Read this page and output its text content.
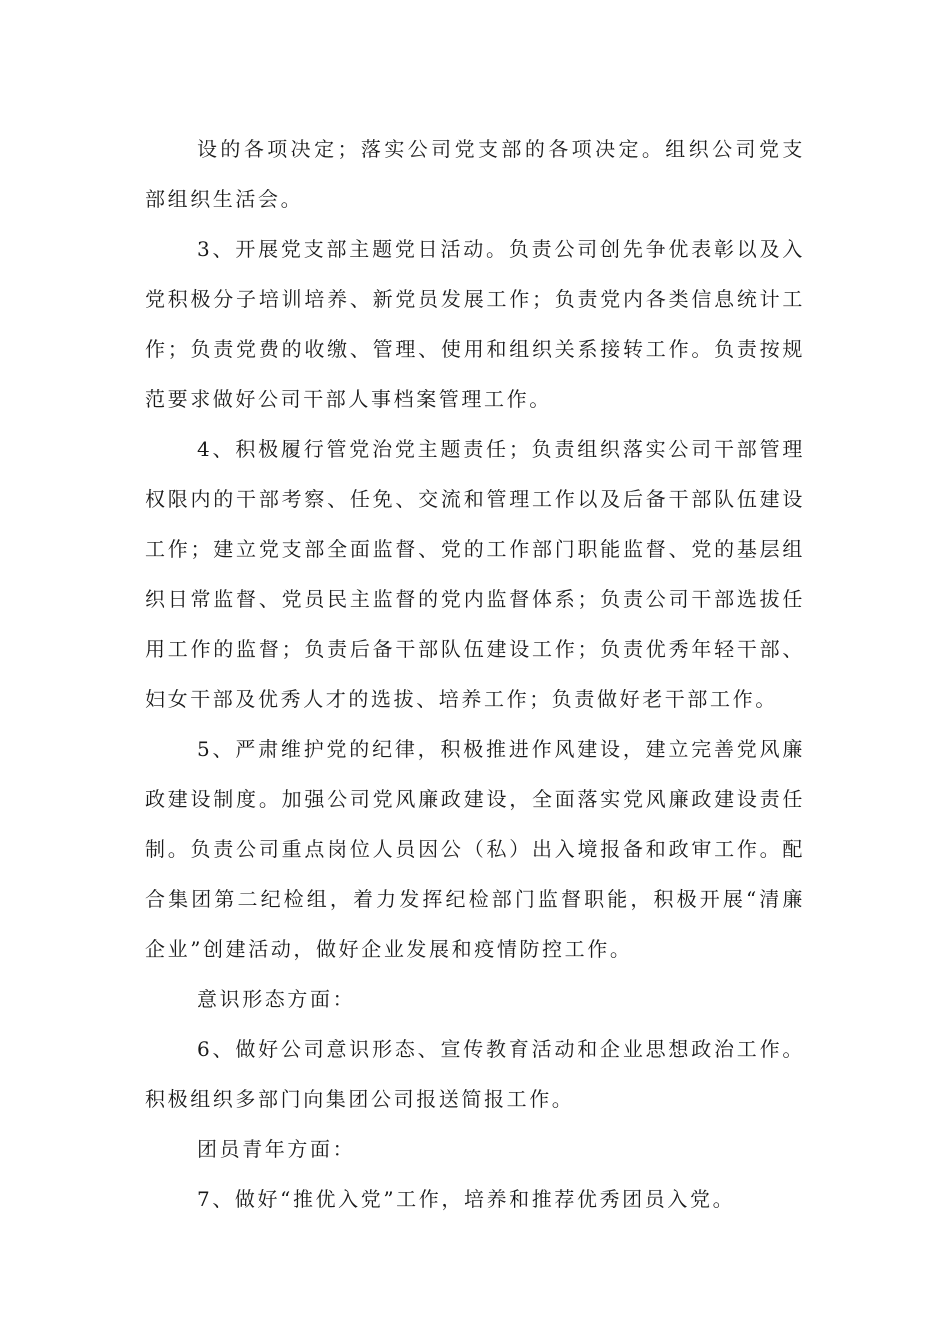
设的各项决定；落实公司党支部的各项决定。组织公司党支部组织生活会。

3、开展党支部主题党日活动。负责公司创先争优表彰以及入党积极分子培训培养、新党员发展工作；负责党内各类信息统计工作；负责党费的收缴、管理、使用和组织关系接转工作。负责按规范要求做好公司干部人事档案管理工作。

4、积极履行管党治党主题责任；负责组织落实公司干部管理权限内的干部考察、任免、交流和管理工作以及后备干部队伍建设工作；建立党支部全面监督、党的工作部门职能监督、党的基层组织日常监督、党员民主监督的党内监督体系；负责公司干部选拔任用工作的监督；负责后备干部队伍建设工作；负责优秀年轻干部、妇女干部及优秀人才的选拔、培养工作；负责做好老干部工作。

5、严肃维护党的纪律，积极推进作风建设，建立完善党风廉政建设制度。加强公司党风廉政建设，全面落实党风廉政建设责任制。负责公司重点岗位人员因公（私）出入境报备和政审工作。配合集团第二纪检组，着力发挥纪检部门监督职能，积极开展“清廉企业”创建活动，做好企业发展和疫情防控工作。

意识形态方面：

6、做好公司意识形态、宣传教育活动和企业思想政治工作。积极组织多部门向集团公司报送简报工作。

团员青年方面：

7、做好“推优入党”工作，培养和推荐优秀团员入党。
